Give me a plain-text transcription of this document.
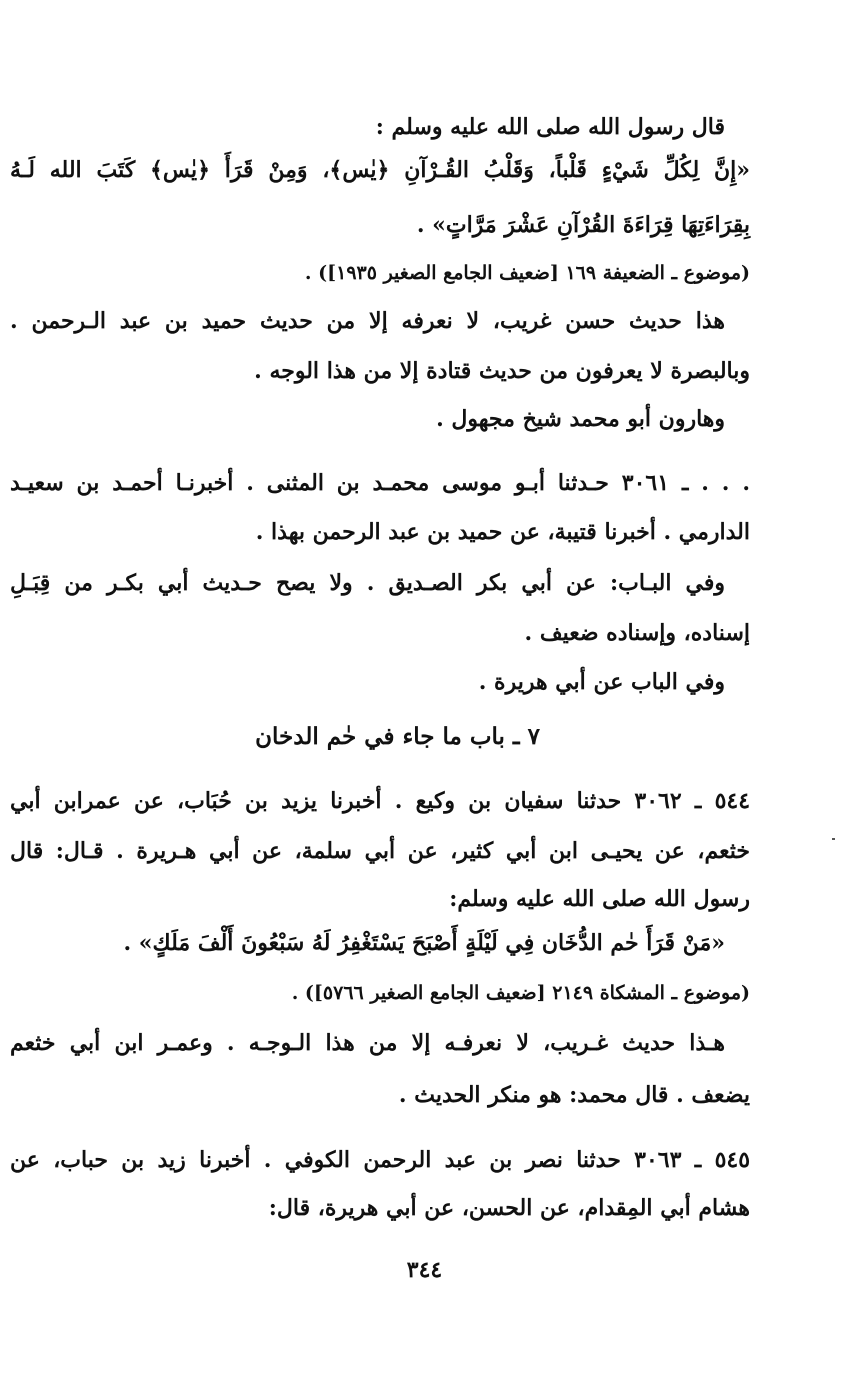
قال رسول الله صلى الله عليه وسلم :
«إِنَّ لِكُلِّ شَيْءٍ قَلْباً، وَقَلْبُ القُـرْآنِ ﴿يٰس﴾، وَمِنْ قَرَأَ ﴿يٰس﴾ كَتَبَ الله لَـهُ
بِقِرَاءَتِهَا قِرَاءَةَ القُرْآنِ عَشْرَ مَرَّاتٍ» .
(موضوع ـ الضعيفة ١٦٩ [ضعيف الجامع الصغير ١٩٣٥]) .
هذا حديث حسن غريب، لا نعرفه إلا من حديث حميد بن عبد الـرحمن .
وبالبصرة لا يعرفون من حديث قتادة إلا من هذا الوجه .
وهارون أبو محمد شيخ مجهول .
. . . ـ ٣٠٦١ حـدثنا أبـو موسى محمـد بن المثنى . أخبرنـا أحمـد بن سعيـد
الدارمي . أخبرنا قتيبة، عن حميد بن عبد الرحمن بهذا .
وفي البـاب: عن أبي بكر الصـديق . ولا يصح حـديث أبي بكـر من قِبَـلِ
إسناده، وإسناده ضعيف .
وفي الباب عن أبي هريرة .
٧ ـ باب ما جاء في حٰم الدخان
٥٤٤ ـ ٣٠٦٢ حدثنا سفيان بن وكيع . أخبرنا يزيد بن حُبَاب، عن عمرابن أبي
خثعم، عن يحيـى ابن أبي كثير، عن أبي سلمة، عن أبي هـريرة . قـال: قال
رسول الله صلى الله عليه وسلم:
«مَنْ قَرَأَ حٰم الدُّخَان فِي لَيْلَةٍ أَصْبَحَ يَسْتَغْفِرُ لَهُ سَبْعُونَ أَلْفَ مَلَكٍ» .
(موضوع ـ المشكاة ٢١٤٩ [ضعيف الجامع الصغير ٥٧٦٦]) .
هـذا حديث غـريب، لا نعرفـه إلا من هذا الـوجـه . وعمـر ابن أبي خثعم
يضعف . قال محمد: هو منكر الحديث .
٥٤٥ ـ ٣٠٦٣ حدثنا نصر بن عبد الرحمن الكوفي . أخبرنا زيد بن حباب، عن
هشام أبي المِقدام، عن الحسن، عن أبي هريرة، قال:
٣٤٤
